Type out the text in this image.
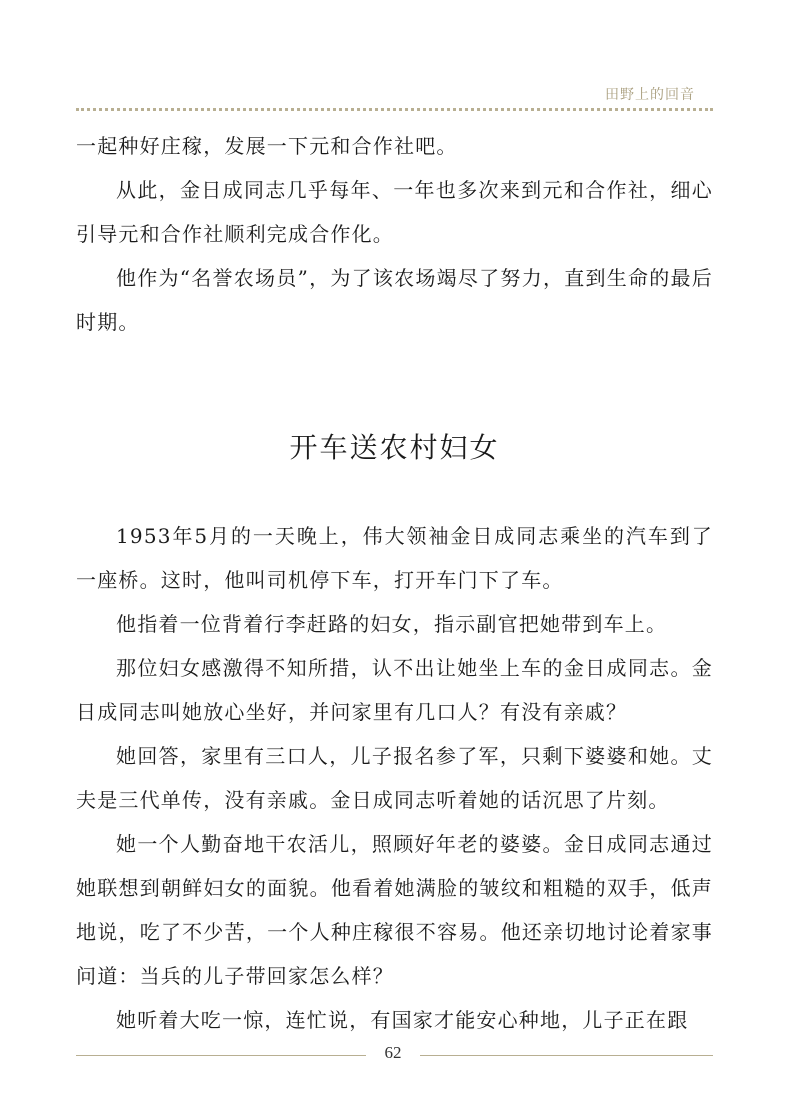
田野上的回音

一起种好庄稼，发展一下元和合作社吧。

从此，金日成同志几乎每年、一年也多次来到元和合作社，细心引导元和合作社顺利完成合作化。

他作为“名誉农场员”，为了该农场竭尽了努力，直到生命的最后时期。

开车送农村妇女

1953年5月的一天晚上，伟大领袖金日成同志乘坐的汽车到了一座桥。这时，他叫司机停下车，打开车门下了车。

他指着一位背着行李赶路的妇女，指示副官把她带到车上。

那位妇女感激得不知所措，认不出让她坐上车的金日成同志。金日成同志叫她放心坐好，并问家里有几口人？有没有亲戚？

她回答，家里有三口人，儿子报名参了军，只剩下婆婆和她。丈夫是三代单传，没有亲戚。金日成同志听着她的话沉思了片刻。

她一个人勤奋地干农活儿，照顾好年老的婆婆。金日成同志通过她联想到朝鲜妇女的面貌。他看着她满脸的皱纹和粗糙的双手，低声地说，吃了不少苦，一个人种庄稼很不容易。他还亲切地讨论着家事问道：当兵的儿子带回家怎么样？

她听着大吃一惊，连忙说，有国家才能安心种地，儿子正在跟

62
